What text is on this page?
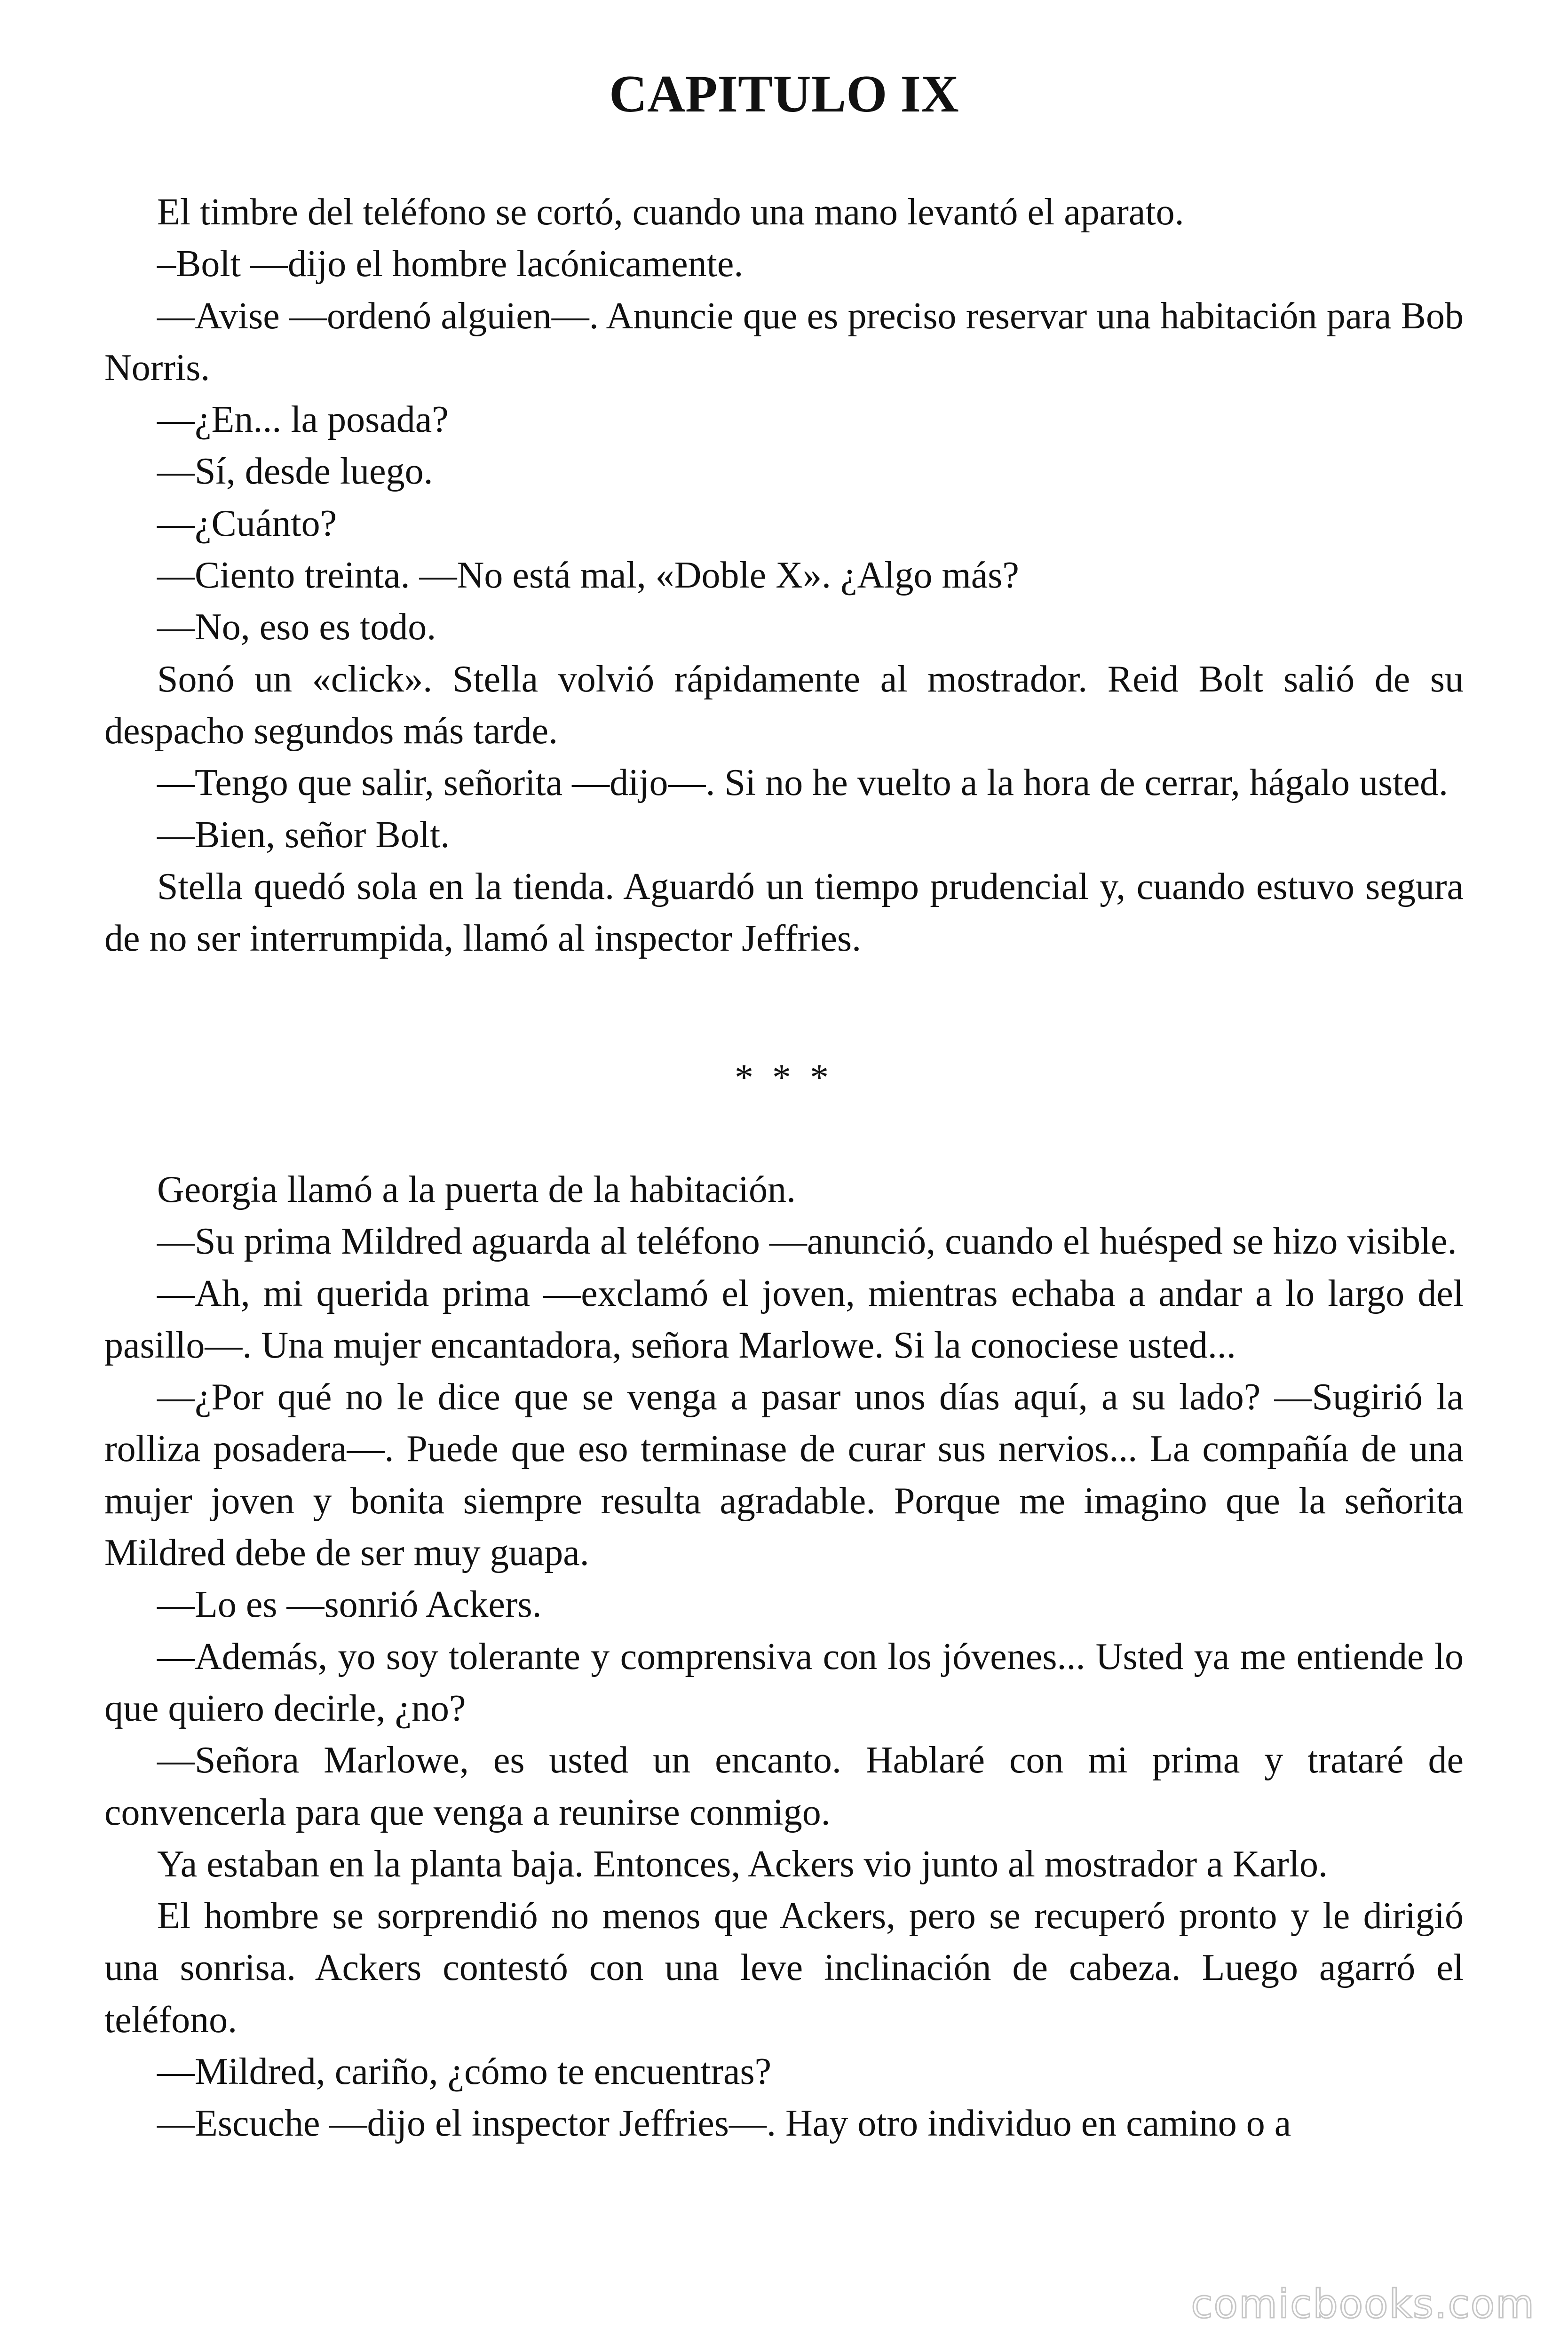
CAPITULO IX

El timbre del teléfono se cortó, cuando una mano levantó el aparato.

–Bolt —dijo el hombre lacónicamente.

—Avise —ordenó alguien—. Anuncie que es preciso reservar una habitación para Bob Norris.

—¿En... la posada?

—Sí, desde luego.

—¿Cuánto?

—Ciento treinta. —No está mal, «Doble X». ¿Algo más?

—No, eso es todo.

Sonó un «click». Stella volvió rápidamente al mostrador. Reid Bolt salió de su despacho segundos más tarde.

—Tengo que salir, señorita —dijo—. Si no he vuelto a la hora de cerrar, hágalo usted.

—Bien, señor Bolt.

Stella quedó sola en la tienda. Aguardó un tiempo prudencial y, cuando estuvo segura de no ser interrumpida, llamó al inspector Jeffries.

* * *

Georgia llamó a la puerta de la habitación.

—Su prima Mildred aguarda al teléfono —anunció, cuando el huésped se hizo visible.

—Ah, mi querida prima —exclamó el joven, mientras echaba a andar a lo largo del pasillo—. Una mujer encantadora, señora Marlowe. Si la conociese usted...

—¿Por qué no le dice que se venga a pasar unos días aquí, a su lado? —Sugirió la rolliza posadera—. Puede que eso terminase de curar sus nervios... La compañía de una mujer joven y bonita siempre resulta agradable. Porque me imagino que la señorita Mildred debe de ser muy guapa.

—Lo es —sonrió Ackers.

—Además, yo soy tolerante y comprensiva con los jóvenes... Usted ya me entiende lo que quiero decirle, ¿no?

—Señora Marlowe, es usted un encanto. Hablaré con mi prima y trataré de convencerla para que venga a reunirse conmigo.

Ya estaban en la planta baja. Entonces, Ackers vio junto al mostrador a Karlo.

El hombre se sorprendió no menos que Ackers, pero se recuperó pronto y le dirigió una sonrisa. Ackers contestó con una leve inclinación de cabeza. Luego agarró el teléfono.

—Mildred, cariño, ¿cómo te encuentras?

—Escuche —dijo el inspector Jeffries—. Hay otro individuo en camino o a

comicbooks.com
